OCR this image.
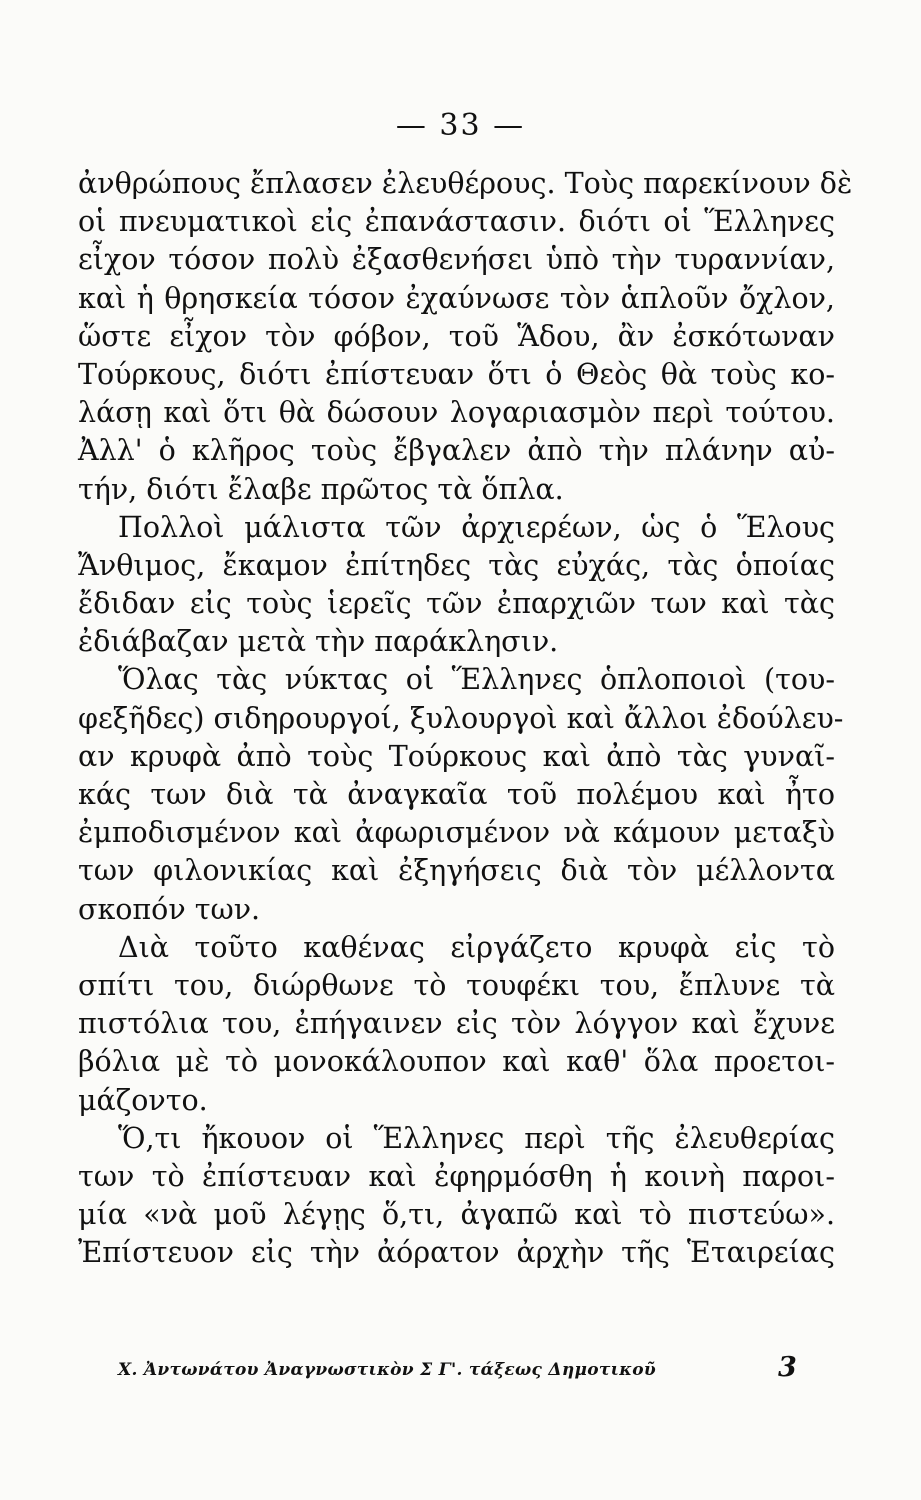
— 33 —
ἀνθρώπους ἔπλασεν ἐλευθέρους. Τοὺς παρεκίνουν δὲ
οἱ πνευματικοὶ εἰς ἐπανάστασιν. διότι οἱ Ἕλληνες
εἶχον τόσον πολὺ ἐξασθενήσει ὑπὸ τὴν τυραννίαν,
καὶ ἡ θρησκεία τόσον ἐχαύνωσε τὸν ἁπλοῦν ὄχλον,
ὥστε εἶχον τὸν φόβον, τοῦ Ἅδου, ἂν ἐσκότωναν
Τούρκους, διότι ἐπίστευαν ὅτι ὁ Θεὸς θὰ τοὺς κο-
λάσῃ καὶ ὅτι θὰ δώσουν λογαριασμὸν περὶ τούτου.
Ἀλλ' ὁ κλῆρος τοὺς ἔβγαλεν ἀπὸ τὴν πλάνην αὐ-
τήν, διότι ἔλαβε πρῶτος τὰ ὅπλα.
Πολλοὶ μάλιστα τῶν ἀρχιερέων, ὡς ὁ Ἕλους
Ἄνθιμος, ἔκαμον ἐπίτηδες τὰς εὐχάς, τὰς ὁποίας
ἔδιδαν εἰς τοὺς ἱερεῖς τῶν ἐπαρχιῶν των καὶ τὰς
ἐδιάβαζαν μετὰ τὴν παράκλησιν.
Ὅλας τὰς νύκτας οἱ Ἕλληνες ὁπλοποιοὶ (του-
φεξῆδες) σιδηρουργοί, ξυλουργοὶ καὶ ἄλλοι ἐδούλευ-
αν κρυφὰ ἀπὸ τοὺς Τούρκους καὶ ἀπὸ τὰς γυναῖ-
κάς των διὰ τὰ ἀναγκαῖα τοῦ πολέμου καὶ ἦτο
ἐμποδισμένον καὶ ἀφωρισμένον νὰ κάμουν μεταξὺ
των φιλονικίας καὶ ἐξηγήσεις διὰ τὸν μέλλοντα
σκοπόν των.
Διὰ τοῦτο καθένας εἰργάζετο κρυφὰ εἰς τὸ
σπίτι του, διώρθωνε τὸ τουφέκι του, ἔπλυνε τὰ
πιστόλια του, ἐπήγαινεν εἰς τὸν λόγγον καὶ ἔχυνε
βόλια μὲ τὸ μονοκάλουπον καὶ καθ' ὅλα προετοι-
μάζοντο.
Ὅ,τι ἤκουον οἱ Ἕλληνες περὶ τῆς ἐλευθερίας
των τὸ ἐπίστευαν καὶ ἐφηρμόσθη ἡ κοινὴ παροι-
μία «νὰ μοῦ λέγῃς ὅ,τι, ἀγαπῶ καὶ τὸ πιστεύω».
Ἐπίστευον εἰς τὴν ἀόρατον ἀρχὴν τῆς Ἑταιρείας
Χ. Ἀντωνάτου Ἀναγνωστικὸν Σ Γ'. τάξεως Δημοτικοῦ	3
